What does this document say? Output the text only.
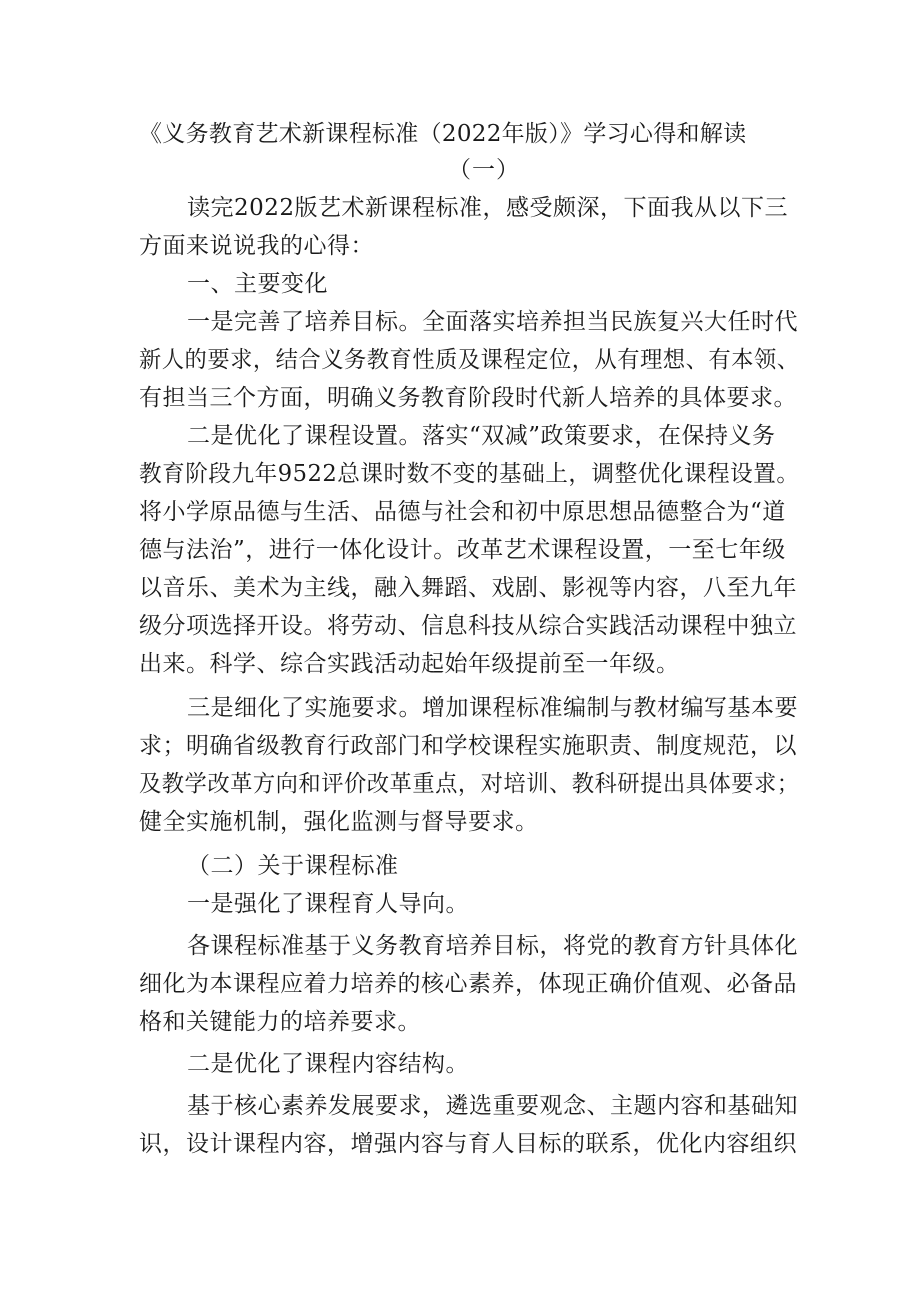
《义务教育艺术新课程标准（2022年版）》学习心得和解读
（一）
读完2022版艺术新课程标准，感受颇深，下面我从以下三
方面来说说我的心得：
一、主要变化
一是完善了培养目标。全面落实培养担当民族复兴大任时代
新人的要求，结合义务教育性质及课程定位，从有理想、有本领、
有担当三个方面，明确义务教育阶段时代新人培养的具体要求。
二是优化了课程设置。落实“双减”政策要求，在保持义务
教育阶段九年9522总课时数不变的基础上，调整优化课程设置。
将小学原品德与生活、品德与社会和初中原思想品德整合为“道
德与法治”，进行一体化设计。改革艺术课程设置，一至七年级
以音乐、美术为主线，融入舞蹈、戏剧、影视等内容，八至九年
级分项选择开设。将劳动、信息科技从综合实践活动课程中独立
出来。科学、综合实践活动起始年级提前至一年级。
三是细化了实施要求。增加课程标准编制与教材编写基本要
求；明确省级教育行政部门和学校课程实施职责、制度规范，以
及教学改革方向和评价改革重点，对培训、教科研提出具体要求；
健全实施机制，强化监测与督导要求。
（二）关于课程标准
一是强化了课程育人导向。
各课程标准基于义务教育培养目标，将党的教育方针具体化
细化为本课程应着力培养的核心素养，体现正确价值观、必备品
格和关键能力的培养要求。
二是优化了课程内容结构。
基于核心素养发展要求，遴选重要观念、主题内容和基础知
识，设计课程内容，增强内容与育人目标的联系，优化内容组织
